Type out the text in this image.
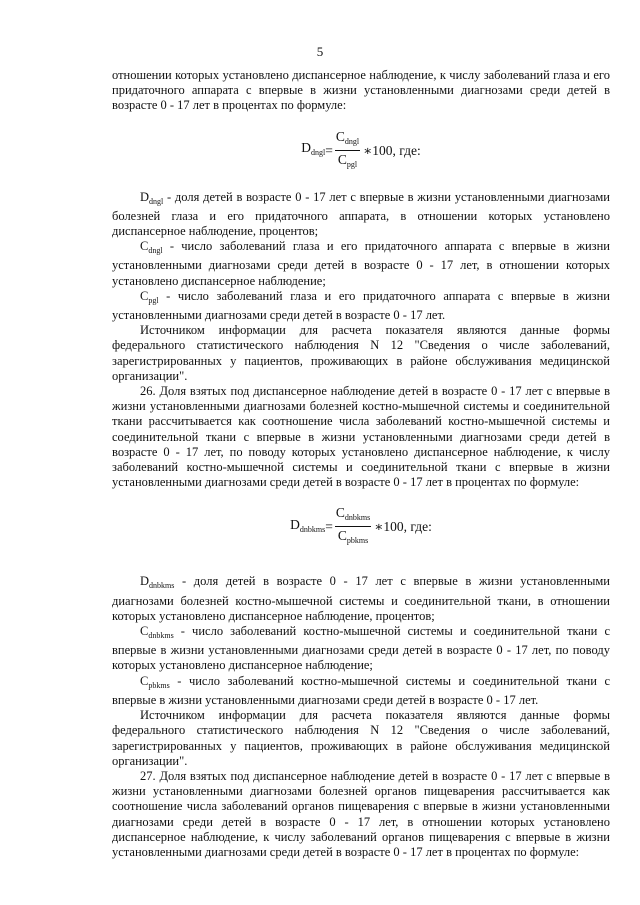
5

отношении которых установлено диспансерное наблюдение, к числу заболеваний глаза и его придаточного аппарата с впервые в жизни установленными диагнозами среди детей в возрасте 0 - 17 лет в процентах по формуле:

$D_{dngl} = \frac{C_{dngl}}{C_{pgl}}$ ∗100, где:

$D_{dngl}$ - доля детей в возрасте 0 - 17 лет с впервые в жизни установленными диагнозами болезней глаза и его придаточного аппарата, в отношении которых установлено диспансерное наблюдение, процентов;

$C_{dngl}$ - число заболеваний глаза и его придаточного аппарата с впервые в жизни установленными диагнозами среди детей в возрасте 0 - 17 лет, в отношении которых установлено диспансерное наблюдение;

$C_{pgl}$ - число заболеваний глаза и его придаточного аппарата с впервые в жизни установленными диагнозами среди детей в возрасте 0 - 17 лет.

Источником информации для расчета показателя являются данные формы федерального статистического наблюдения N 12 "Сведения о числе заболеваний, зарегистрированных у пациентов, проживающих в районе обслуживания медицинской организации".

26. Доля взятых под диспансерное наблюдение детей в возрасте 0 - 17 лет с впервые в жизни установленными диагнозами болезней костно-мышечной системы и соединительной ткани рассчитывается как соотношение числа заболеваний костно-мышечной системы и соединительной ткани с впервые в жизни установленными диагнозами среди детей в возрасте 0 - 17 лет, по поводу которых установлено диспансерное наблюдение, к числу заболеваний костно-мышечной системы и соединительной ткани с впервые в жизни установленными диагнозами среди детей в возрасте 0 - 17 лет в процентах по формуле:

$D_{dnbkms} = \frac{C_{dnbkms}}{C_{pbkms}}$ ∗100, где:

$D_{dnbkms}$ - доля детей в возрасте 0 - 17 лет с впервые в жизни установленными диагнозами болезней костно-мышечной системы и соединительной ткани, в отношении которых установлено диспансерное наблюдение, процентов;

$C_{dnbkms}$ - число заболеваний костно-мышечной системы и соединительной ткани с впервые в жизни установленными диагнозами среди детей в возрасте 0 - 17 лет, по поводу которых установлено диспансерное наблюдение;

$C_{pbkms}$ - число заболеваний костно-мышечной системы и соединительной ткани с впервые в жизни установленными диагнозами среди детей в возрасте 0 - 17 лет.

Источником информации для расчета показателя являются данные формы федерального статистического наблюдения N 12 "Сведения о числе заболеваний, зарегистрированных у пациентов, проживающих в районе обслуживания медицинской организации".

27. Доля взятых под диспансерное наблюдение детей в возрасте 0 - 17 лет с впервые в жизни установленными диагнозами болезней органов пищеварения рассчитывается как соотношение числа заболеваний органов пищеварения с впервые в жизни установленными диагнозами среди детей в возрасте 0 - 17 лет, в отношении которых установлено диспансерное наблюдение, к числу заболеваний органов пищеварения с впервые в жизни установленными диагнозами среди детей в возрасте 0 - 17 лет в процентах по формуле:
